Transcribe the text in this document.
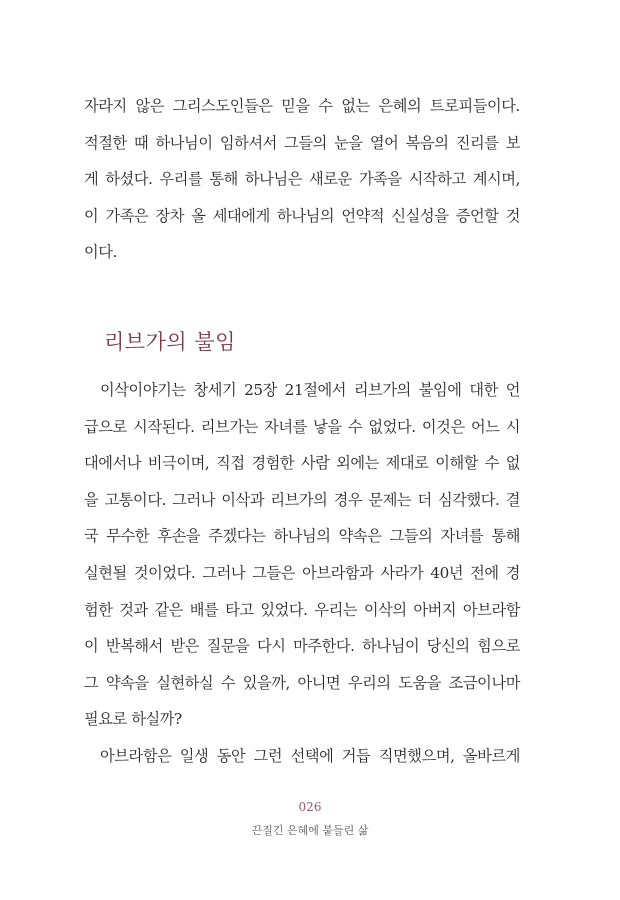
자라지 않은 그리스도인들은 믿을 수 없는 은혜의 트로피들이다.
적절한 때 하나님이 임하셔서 그들의 눈을 열어 복음의 진리를 보
게 하셨다. 우리를 통해 하나님은 새로운 가족을 시작하고 계시며,
이 가족은 장차 올 세대에게 하나님의 언약적 신실성을 증언할 것
이다.
리브가의 불임
이삭이야기는 창세기 25장 21절에서 리브가의 불임에 대한 언
급으로 시작된다. 리브가는 자녀를 낳을 수 없었다. 이것은 어느 시
대에서나 비극이며, 직접 경험한 사람 외에는 제대로 이해할 수 없
을 고통이다. 그러나 이삭과 리브가의 경우 문제는 더 심각했다. 결
국 무수한 후손을 주겠다는 하나님의 약속은 그들의 자녀를 통해
실현될 것이었다. 그러나 그들은 아브라함과 사라가 40년 전에 경
험한 것과 같은 배를 타고 있었다. 우리는 이삭의 아버지 아브라함
이 반복해서 받은 질문을 다시 마주한다. 하나님이 당신의 힘으로
그 약속을 실현하실 수 있을까, 아니면 우리의 도움을 조금이나마
필요로 하실까?
아브라함은 일생 동안 그런 선택에 거듭 직면했으며, 올바르게
026
끈질긴 은혜에 붙들린 삶
